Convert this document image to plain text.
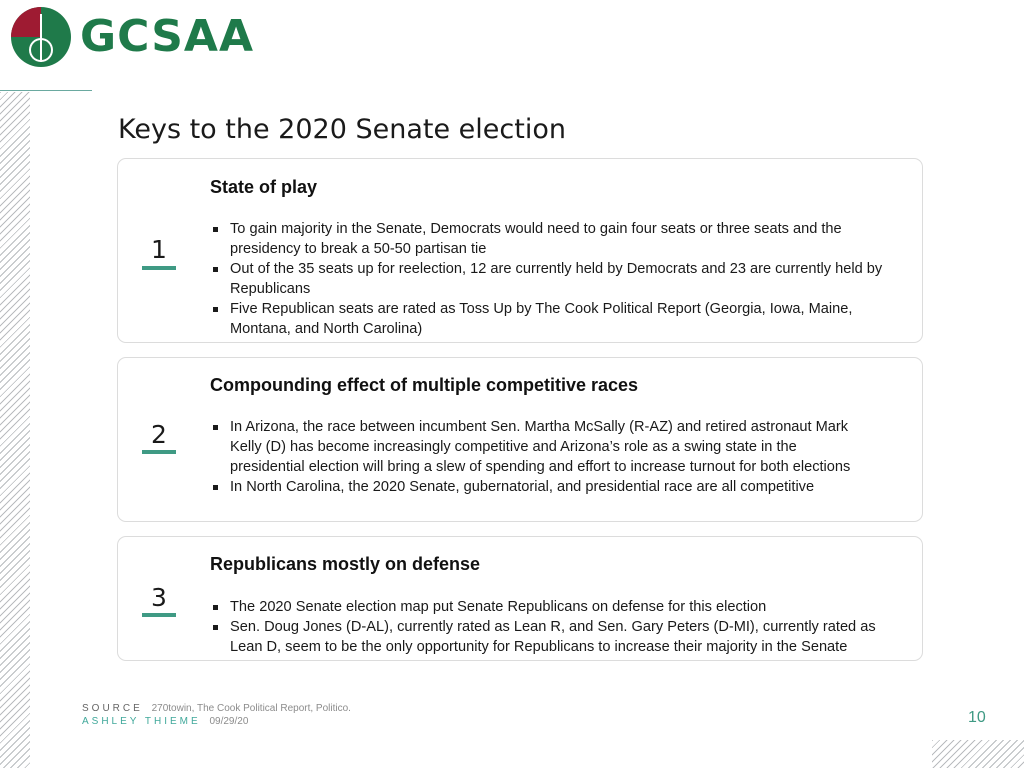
GCSAA
Keys to the 2020 Senate election
1
State of play
To gain majority in the Senate, Democrats would need to gain four seats or three seats and the presidency to break a 50-50 partisan tie
Out of the 35 seats up for reelection, 12 are currently held by Democrats and 23 are currently held by Republicans
Five Republican seats are rated as Toss Up by The Cook Political Report (Georgia, Iowa, Maine, Montana, and North Carolina)
2
Compounding effect of multiple competitive races
In Arizona, the race between incumbent Sen. Martha McSally (R-AZ) and retired astronaut Mark Kelly (D) has become increasingly competitive and Arizona’s role as a swing state in the presidential election will bring a slew of spending and effort to increase turnout for both elections
In North Carolina, the 2020 Senate, gubernatorial, and presidential race are all competitive
3
Republicans mostly on defense
The 2020 Senate election map put Senate Republicans on defense for this election
Sen. Doug Jones (D-AL), currently rated as Lean R, and Sen. Gary Peters (D-MI), currently rated as Lean D, seem to be the only opportunity for Republicans to increase their majority in the Senate
SOURCE 270towin, The Cook Political Report, Politico.
ASHLEY THIEME 09/29/20	10
